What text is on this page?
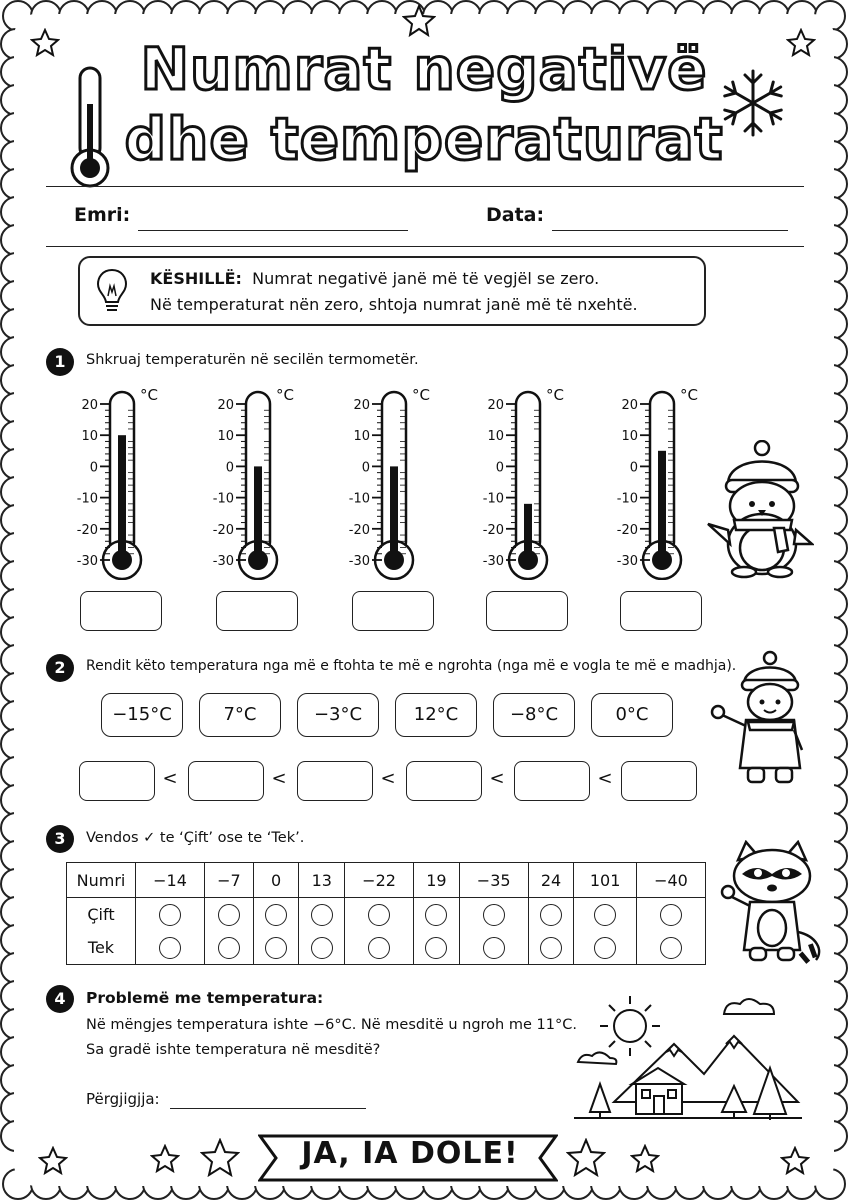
Numrat negativë
dhe temperaturat
Emri:	Data:
KËSHILLË: Numrat negativë janë më të vegjël se zero.
Në temperaturat nën zero, shtoja numrat janë më të nxehtë.
1	Shkruaj temperaturën në secilën termometër.
20
10
0
-10
-20
-30
°C
20
10
0
-10
-20
-30
°C
20
10
0
-10
-20
-30
°C
20
10
0
-10
-20
-30
°C
20
10
0
-10
-20
-30
°C
2	Rendit këto temperatura nga më e ftohta te më e ngrohta (nga më e vogla te më e madhja).
−15°C	7°C	−3°C	12°C	−8°C	0°C
<	<	<	<	<
3	Vendos ✓ te ‘Çift’ ose te ‘Tek’.
Numri	−14	−7	0	13	−22	19	−35	24	101	−40
Çift										
Tek										
4	Problemë me temperatura:
Në mëngjes temperatura ishte −6°C. Në mesditë u ngroh me 11°C.
Sa gradë ishte temperatura në mesditë?
Përgjigjja:
JA, IA DOLE!
